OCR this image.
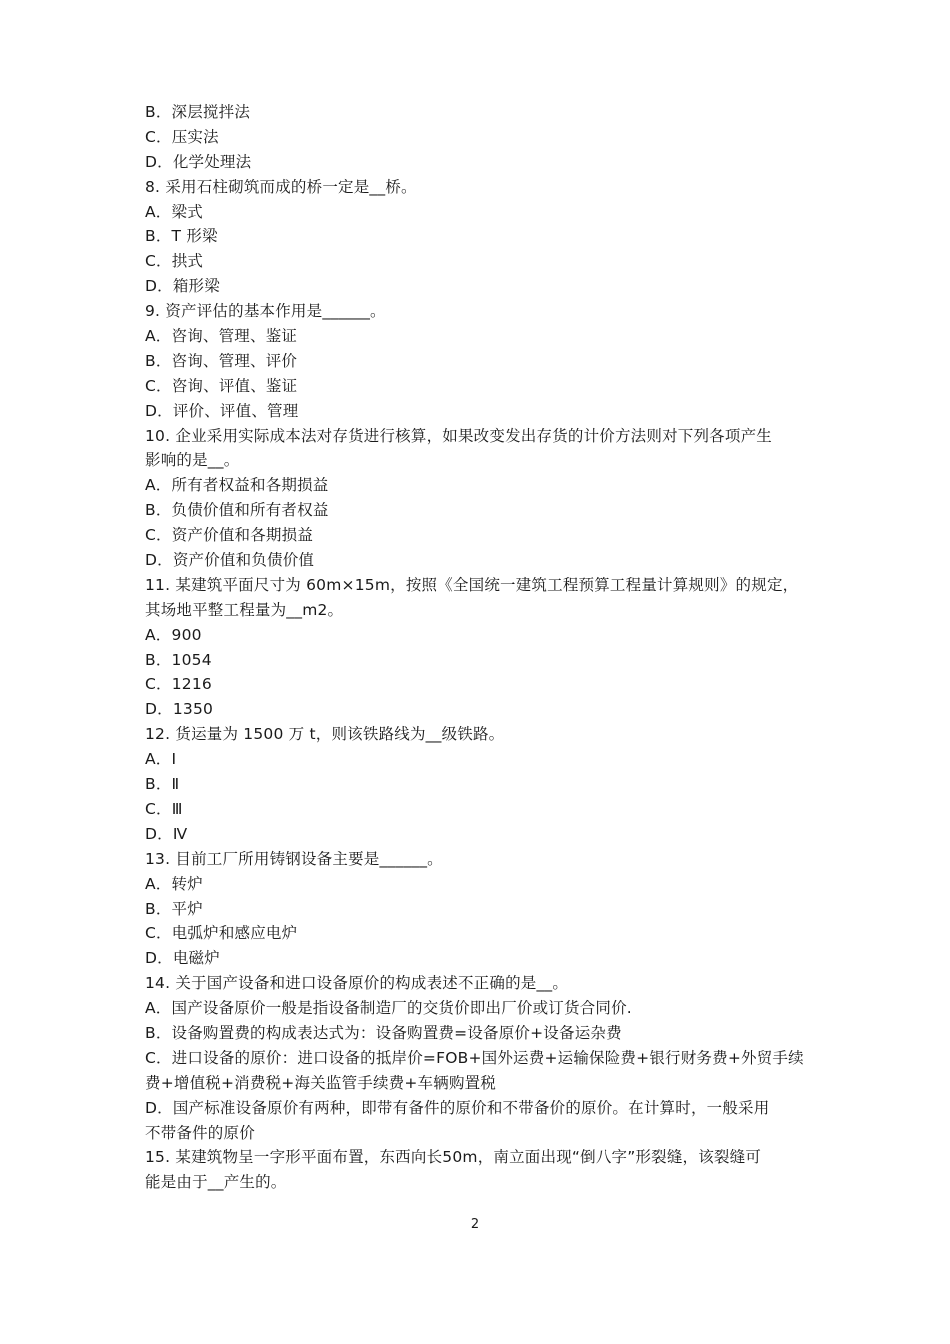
B．深层搅拌法
C．压实法
D．化学处理法
8. 采用石柱砌筑而成的桥一定是__桥。
A．梁式
B．T 形梁
C．拱式
D．箱形梁
9. 资产评估的基本作用是______。
A．咨询、管理、鉴证
B．咨询、管理、评价
C．咨询、评值、鉴证
D．评价、评值、管理
10. 企业采用实际成本法对存货进行核算，如果改变发出存货的计价方法则对下列各项产生
影响的是__。
A．所有者权益和各期损益
B．负债价值和所有者权益
C．资产价值和各期损益
D．资产价值和负债价值
11. 某建筑平面尺寸为 60m×15m，按照《全国统一建筑工程预算工程量计算规则》的规定，
其场地平整工程量为__m2。
A．900
B．1054
C．1216
D．1350
12. 货运量为 1500 万 t，则该铁路线为__级铁路。
A．Ⅰ
B．Ⅱ
C．Ⅲ
D．Ⅳ
13. 目前工厂所用铸钢设备主要是______。
A．转炉
B．平炉
C．电弧炉和感应电炉
D．电磁炉
14. 关于国产设备和进口设备原价的构成表述不正确的是__。
A．国产设备原价一般是指设备制造厂的交货价即出厂价或订货合同价.
B．设备购置费的构成表达式为：设备购置费=设备原价+设备运杂费
C．进口设备的原价：进口设备的抵岸价=FOB+国外运费+运输保险费+银行财务费+外贸手续
费+增值税+消费税+海关监管手续费+车辆购置税
D．国产标准设备原价有两种，即带有备件的原价和不带备价的原价。在计算时，一般采用
不带备件的原价
15. 某建筑物呈一字形平面布置，东西向长50m，南立面出现“倒八字”形裂缝，该裂缝可
能是由于__产生的。
2
